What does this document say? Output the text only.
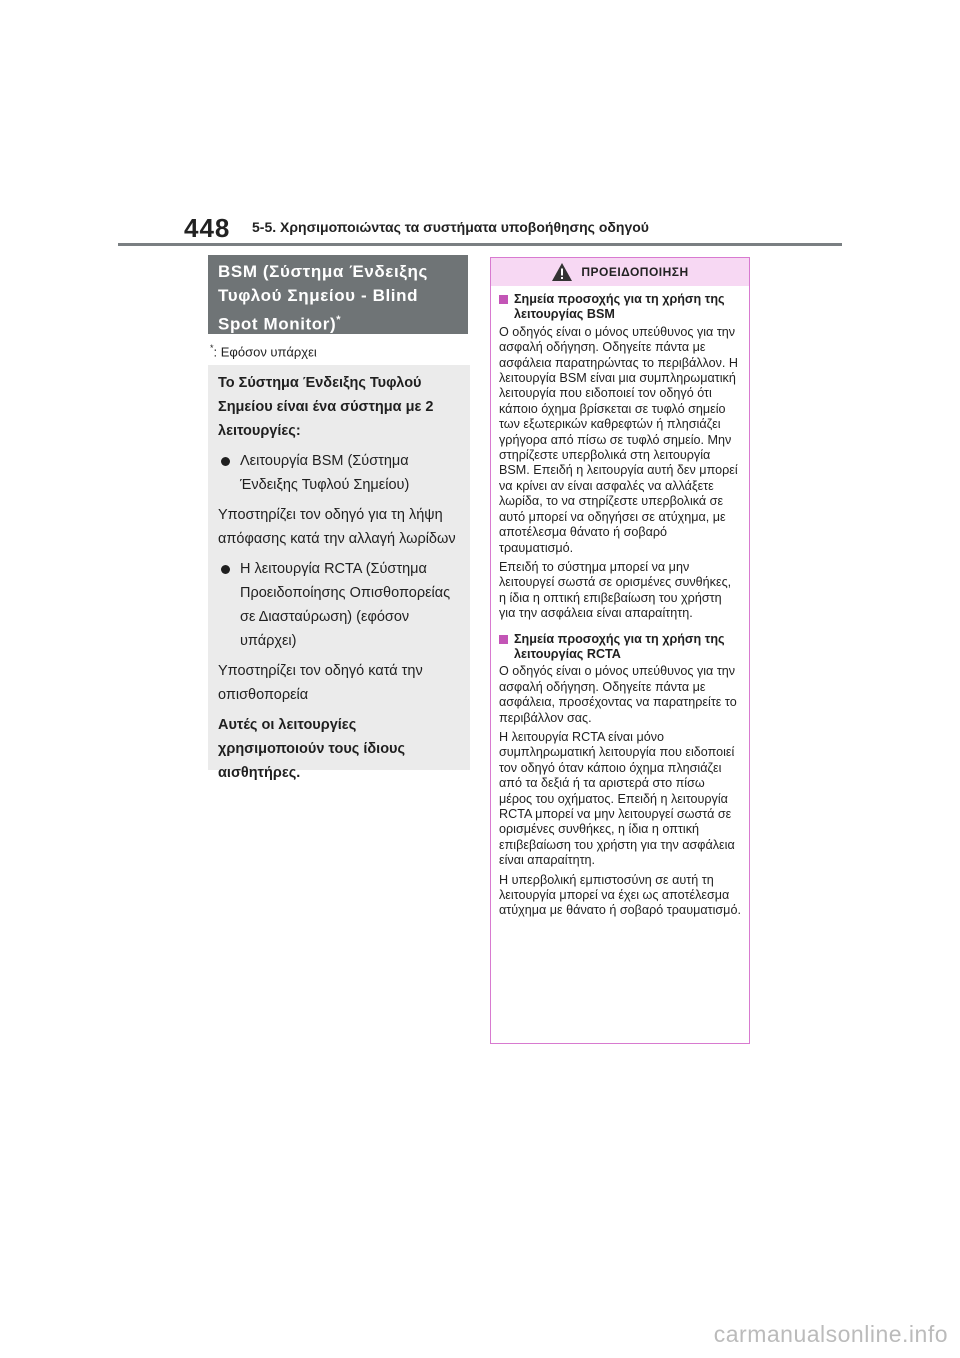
448 5-5. Χρησιμοποιώντας τα συστήματα υποβοήθησης οδηγού
BSM (Σύστημα Ένδειξης Τυφλού Σημείου - Blind Spot Monitor)*
*: Εφόσον υπάρχει

Το Σύστημα Ένδειξης Τυφλού Σημείου είναι ένα σύστημα με 2 λειτουργίες:

Λειτουργία BSM (Σύστημα Ένδειξης Τυφλού Σημείου)

Υποστηρίζει τον οδηγό για τη λήψη απόφασης κατά την αλλαγή λωρίδων

Η λειτουργία RCTA (Σύστημα Προειδοποίησης Οπισθοπορείας σε Διασταύρωση) (εφόσον υπάρχει)

Υποστηρίζει τον οδηγό κατά την οπισθοπορεία

Αυτές οι λειτουργίες χρησιμοποιούν τους ίδιους αισθητήρες.

ΠΡΟΕΙΔΟΠΟΙΗΣΗ
Σημεία προσοχής για τη χρήση της λειτουργίας BSM

Ο οδηγός είναι ο μόνος υπεύθυνος για την ασφαλή οδήγηση. Οδηγείτε πάντα με ασφάλεια παρατηρώντας το περιβάλλον. Η λειτουργία BSM είναι μια συμπληρωματική λειτουργία που ειδοποιεί τον οδηγό ότι κάποιο όχημα βρίσκεται σε τυφλό σημείο των εξωτερικών καθρεφτών ή πλησιάζει γρήγορα από πίσω σε τυφλό σημείο. Μην στηρίζεστε υπερβολικά στη λειτουργία BSM. Επειδή η λειτουργία αυτή δεν μπορεί να κρίνει αν είναι ασφαλές να αλλάξετε λωρίδα, το να στηρίζεστε υπερβολικά σε αυτό μπορεί να οδηγήσει σε ατύχημα, με αποτέλεσμα θάνατο ή σοβαρό τραυματισμό.

Επειδή το σύστημα μπορεί να μην λειτουργεί σωστά σε ορισμένες συνθήκες, η ίδια η οπτική επιβεβαίωση του χρήστη για την ασφάλεια είναι απαραίτητη.

Σημεία προσοχής για τη χρήση της λειτουργίας RCTA

Ο οδηγός είναι ο μόνος υπεύθυνος για την ασφαλή οδήγηση. Οδηγείτε πάντα με ασφάλεια, προσέχοντας να παρατηρείτε το περιβάλλον σας.

Η λειτουργία RCTA είναι μόνο συμπληρωματική λειτουργία που ειδοποιεί τον οδηγό όταν κάποιο όχημα πλησιάζει από τα δεξιά ή τα αριστερά στο πίσω μέρος του οχήματος. Επειδή η λειτουργία RCTA μπορεί να μην λειτουργεί σωστά σε ορισμένες συνθήκες, η ίδια η οπτική επιβεβαίωση του χρήστη για την ασφάλεια είναι απαραίτητη.

Η υπερβολική εμπιστοσύνη σε αυτή τη λειτουργία μπορεί να έχει ως αποτέλεσμα ατύχημα με θάνατο ή σοβαρό τραυματισμό.

carmanualsonline.info
